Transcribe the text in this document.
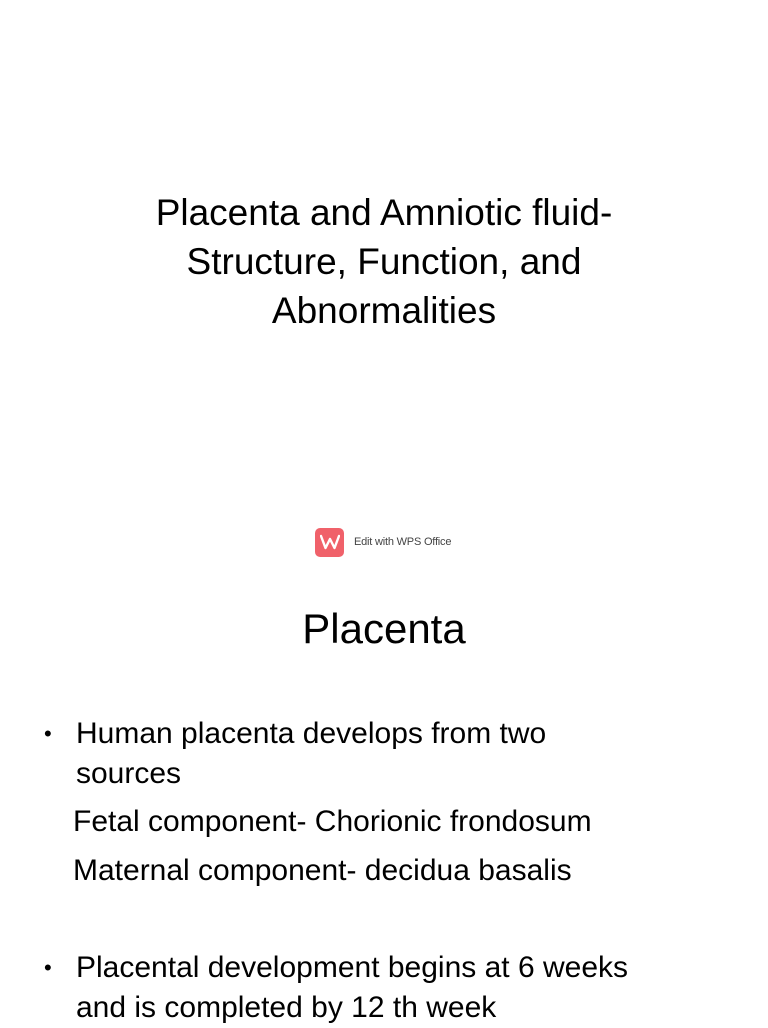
Placenta and Amniotic fluid-
Structure, Function, and
Abnormalities
Edit with WPS Office
Placenta
• Human placenta develops from two
sources
Fetal component- Chorionic frondosum
Maternal component- decidua basalis
• Placental development begins at 6 weeks
and is completed by 12 th week
